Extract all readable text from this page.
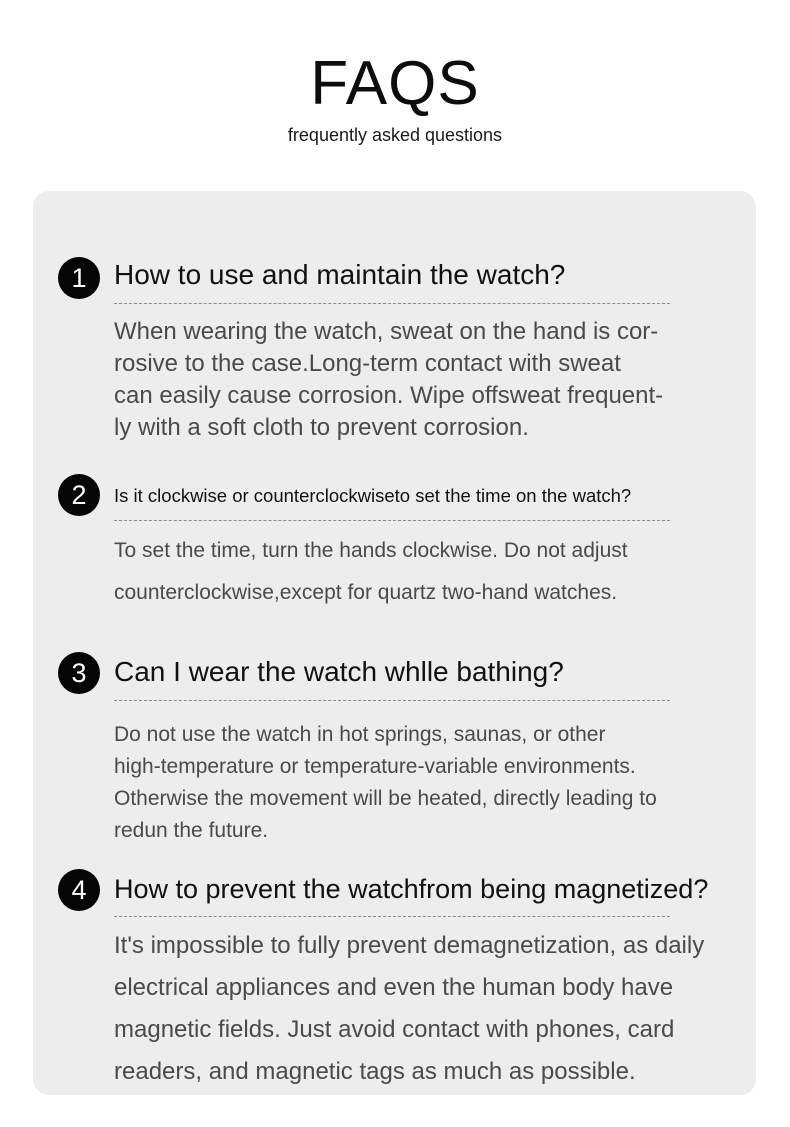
FAQS
frequently asked questions
1 How to use and maintain the watch?
When wearing the watch, sweat on the hand is cor-
rosive to the case.Long-term contact with sweat
can easily cause corrosion. Wipe offsweat frequent-
ly with a soft cloth to prevent corrosion.
2	Is it clockwise or counterclockwiseto set the time on the watch?
To set the time, turn the hands clockwise. Do not adjust
counterclockwise,except for quartz two-hand watches.
3 Can I wear the watch whlle bathing?
Do not use the watch in hot springs, saunas, or other
high-temperature or temperature-variable environments.
Otherwise the movement will be heated, directly leading to
redun the future.
4	How to prevent the watchfrom being magnetized?
It's impossible to fully prevent demagnetization, as daily
electrical appliances and even the human body have
magnetic fields. Just avoid contact with phones, card
readers, and magnetic tags as much as possible.
